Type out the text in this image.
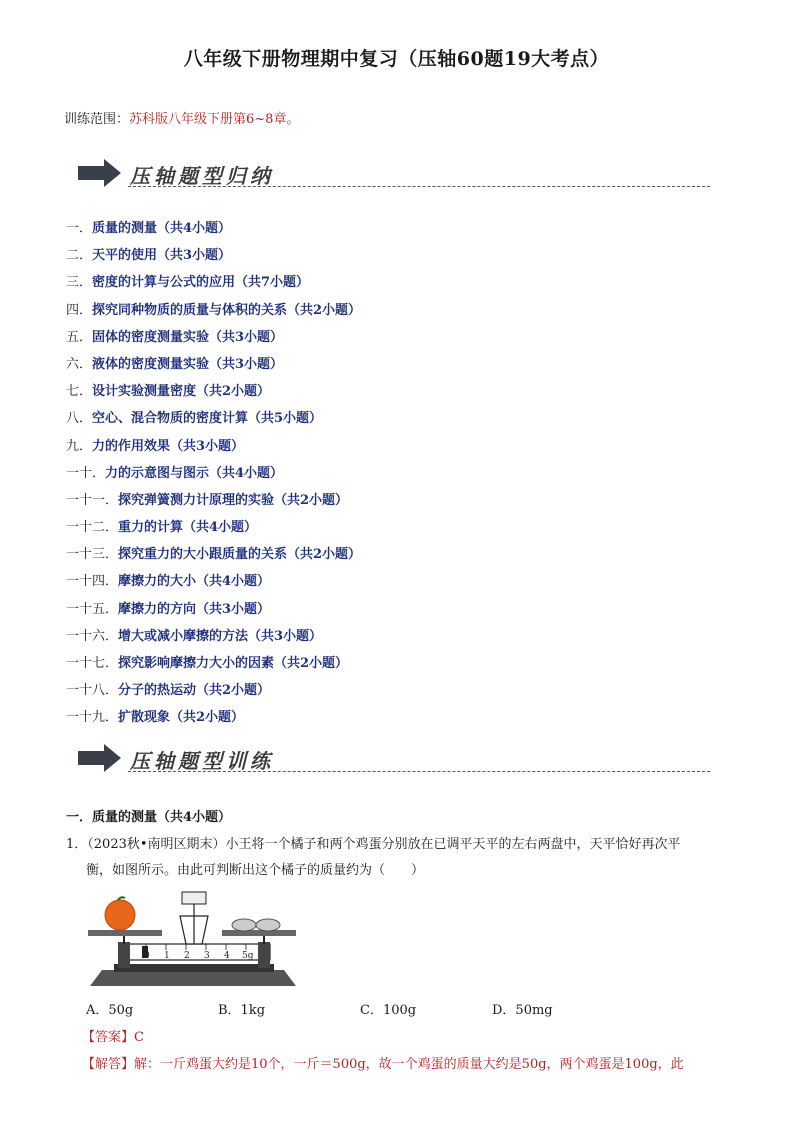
八年级下册物理期中复习（压轴60题19大考点）
训练范围：苏科版八年级下册第6~8章。
压轴题型归纳
一．质量的测量（共4小题）
二．天平的使用（共3小题）
三．密度的计算与公式的应用（共7小题）
四．探究同种物质的质量与体积的关系（共2小题）
五．固体的密度测量实验（共3小题）
六．液体的密度测量实验（共3小题）
七．设计实验测量密度（共2小题）
八．空心、混合物质的密度计算（共5小题）
九．力的作用效果（共3小题）
一十．力的示意图与图示（共4小题）
一十一．探究弹簧测力计原理的实验（共2小题）
一十二．重力的计算（共4小题）
一十三．探究重力的大小跟质量的关系（共2小题）
一十四．摩擦力的大小（共4小题）
一十五．摩擦力的方向（共3小题）
一十六．增大或减小摩擦的方法（共3小题）
一十七．探究影响摩擦力大小的因素（共2小题）
一十八．分子的热运动（共2小题）
一十九．扩散现象（共2小题）
压轴题型训练
一．质量的测量（共4小题）
1．（2023秋•南明区期末）小王将一个橘子和两个鸡蛋分别放在已调平天平的左右两盘中，天平恰好再次平
衡，如图所示。由此可判断出这个橘子的质量约为（　　）
0 1 2 3 4 5g
A．50g	B．1kg	C．100g	D．50mg
【答案】C
【解答】解：一斤鸡蛋大约是10个，一斤＝500g，故一个鸡蛋的质量大约是50g，两个鸡蛋是100g，此
